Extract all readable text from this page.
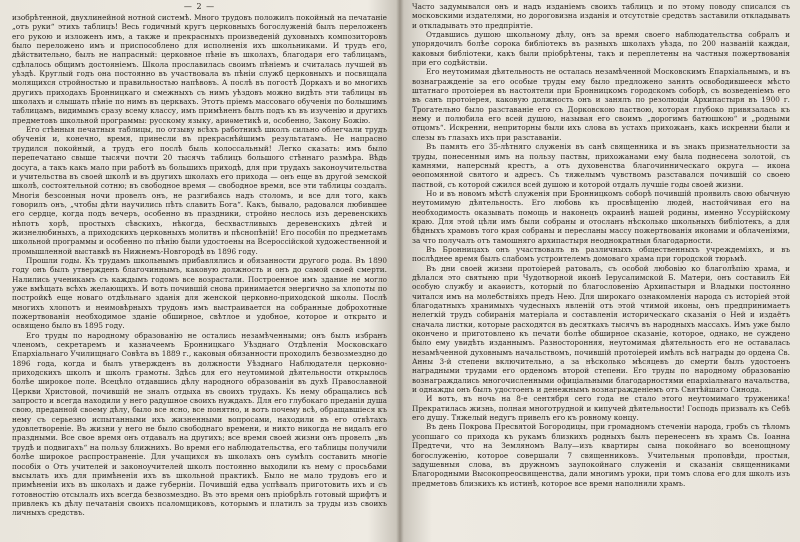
— 2 —

изобрѣтенной, двухлинейной нотной системѣ. Много трудовъ положилъ покойный на печатаніе „отъ руки“ этихъ таблицъ! Весь годичный кругъ церковныхъ богослуженій былъ переложенъ его рукою и изложенъ имъ, а также и прекрасныхъ произведеній духовныхъ композиторовъ было переложено имъ и приспособлено для исполненія ихъ школьниками. И трудъ его, дѣйствительно, былъ не напрасный: церковное пѣніе въ школахъ, благодаря его таблицамъ, сдѣлалось общимъ достояніемъ. Школа прославилась своимъ пѣніемъ и считалась лучшей въ уѣздѣ. Круглый годъ она постоянно въ участвовала въ пѣніи служб церковныхъ и посвящала молящихся стройностью и правильностью напѣвовъ. А послѣ въ погостѣ Доркахъ и во многихъ другихъ приходахъ Бронницкаго и смежныхъ съ нимъ уѣздовъ можно видѣть эти таблицы въ школахъ и слышать пѣніе по нимъ въ церквахъ. Этотъ пріемъ массоваго обученія по болышимъ таблицамъ, видимымъ сразу всему классу, имъ примѣненъ былъ подъ къ въ изученію и другихъ предметовъ школьной программы: русскому языку, ариѳметикѣ и, особенно, Закону Божію.

Его стѣнныя печатныя таблицы, по отзыву всѣхъ работникѣ школъ сильно облегчали трудъ обученія и, конечно, время, принесли въ прекраснѣйшимъ результатамъ. Не напрасно трудился покойный, а трудъ его послѣ быль колоссальный! Легко сказать: имъ было перепечатано свыше тысячи почти 20 тысячъ таблицъ большого стѣннаго размѣра. Вѣдь досуга, а такъ какъ мало при работѣ въ большихъ приходѣ, для при трудахъ законоучительства и учительства въ своей школѣ и въ другихъ школахъ его прихода — онъ еще въ другой земской школѣ, состоятельной сотню; въ свободное время — свободное время, все эти таблицы создалъ. Многія безсонныя ночи провелъ онъ, не разгибаясь надъ столомъ, и все для того, какъ говорилъ онъ, „чтобы дѣти научились пѣть славить Бога“. Какъ, бывало, радовался любившее его сердце, когда подъ вечеръ, особенно въ праздники, стройно неслось изъ деревенскихъ нѣпотъ хорѣ, простыхъ сѣвскихъ, нѣкогда, бесхвастливыхъ деревенскихъ дѣтей и жизнелюбиныхъ, а приходскихъ церковныхъ молитвъ и пѣснопѣній! Его пособія по предметамъ школьной программы и особенно по пѣнію были удостоены на Всероссійской художественной и промышленной выставкѣ въ Нижнемъ-Новгородѣ въ 1896 году.

Прошли годы. Къ трудамъ школьнымъ прибавлялись и обязанности другого рода. Въ 1890 году онъ былъ утвержденъ благочиннымъ, каковую должность и онъ до самой своей смерти. Налились ученикамъ съ каждымъ годомъ все возрастали. Построенное имъ здание не могло уже вмѣщать всѣхъ желающихъ. И вотъ почившій снова принимается энергично за хлопоты по постройкѣ еще новаго отдѣльнаго зданія для женской церковно-приходской школы. Послѣ многихъ хлопотъ и неимовѣрныхъ трудовъ имъ выстраивается на собранные доброхотные пожертвованія необходимое зданіе обширное, свѣтлое и удобное, которое и открыто и освящено было въ 1895 году.

Его труды по народному образованію не остались незамѣченными; онъ былъ избранъ членомъ, секретаремъ и казначеемъ Бронницкаго Уѣзднаго Отдѣленія Московскаго Епархіальнаго Училищнаго Совѣта въ 1889 г., каковыя обязанности проходилъ безвозмездно до 1896 года, когда и былъ утвержденъ въ должности Уѣзднаго Наблюдателя церковно-приходскихъ школъ и школъ грамоты. Здѣсь для его неутомимой дѣятельности открылось болѣе широкое поле. Всецѣло отдавшись дѣлу народного образованія въ духѣ Православной Церкви Христовой, почившій не зналъ отдыха въ своихъ трудахъ. Къ нему обращались всѣ запросто и всегда находили у него радушное своихъ нуждахъ. Для его глубокаго преданія душа свою, преданной своему дѣлу, было все ясно, все понятно, и вотъ почему всѣ, обращавшіеся къ нему съ серьезно испытанными ихъ жизненными вопросами, находили въ его отвѣтахъ удовлетвореніе. Въ жизни у него не было свободнаго времени, и никто никогда не видалъ его праздными. Все свое время онъ отдавалъ на другихъ; все время своей жизни онъ провелъ „въ трудѣ и подвигахъ“ на пользу ближнихъ. Во время его наблюдательства, его таблицы получили болѣе широкое распространеніе. Для учащихся въ школахъ онъ сумѣлъ составить многіе пособія о Отъ учителей и законоучителей школъ постоянно выходили къ нему с просьбами высылать ихъ для примѣненія ихъ въ школьной практикѣ. Было не мало трудовъ его и примѣненіи ихъ въ школахъ и даже губерніи. Почившій едва успѣвалъ приготовить ихъ и съ готовностію отсылалъ ихъ всегда безвозмездно. Въ это время онъ пріобрѣлъ готовый шрифтъ и привлекъ къ дѣлу печатанія своихъ псаломщиковъ, которымъ и платилъ за труды изъ своихъ личныхъ средствъ.

Часто задумывался онъ и надъ изданіемъ своихъ таблицъ и по этому поводу списался съ московскими издателями, но дороговизна изданія и отсутствіе средствъ заставили откладывать и откладывать это предпріятіе.

Отдавшись душою школьному дѣлу, онъ за время своего наблюдательства собралъ и упорядочилъ болѣе сорока библіотекъ въ разныхъ школахъ уѣзда, по 200 названій каждая, каковыя библіотеки, какъ были пріобрѣтены, такъ и переплетены на частныя пожертвованія при его содѣйствіи.

Его неутомимая дѣятельность не осталась незамѣченной Московскимъ Епархіальнымъ, и въ вознагражденіе за его особые труды ему было предложено занять освободившееся мѣсто штатнаго протоіерея въ настоятели при Бронницкомъ городскомъ соборѣ, съ возведеніемъ его въ санъ протоіерея, каковую должность онъ и занялъ по резолюціи Архипастыря въ 1900 г. Трогательно было разставаніе его съ Дорковскою паствою, которая глубоко привязалась къ нему и полюбила его всей душою, называя его своимъ „дорогимъ батюшкою“ и „родными отцомъ“. Искренни, неприторны были ихъ слова въ устахъ прихожанъ, какъ искренни были и слезы въ глазахъ ихъ при разставаніи.

Въ память его 35-лѣтняго служенія въ санѣ священника и въ знакъ признательности за труды, понесенныя имъ на пользу паствы, прихожанами ему была поднесена золотой, съ камнями, наперсный крестъ, а отъ духовенства благочинническаго округа — икона ѳеопомянной святого и адресъ. Съ тяжелымъ чувствомъ разставался почившій со своею паствой, съ которой сжился всей душою и которой отдалъ лучшіе годы своей жизни.

Но и въ новомъ мѣстѣ служенія при Бронницкомъ соборѣ почившій проявилъ свою обычную неутомимую дѣятельность. Его любовь къ просвѣщенію людей, настойчивая его на необходимость оказывать помощь и наконецъ окраинѣ нашей родины, именно Уссурійскому краю. Для этой цѣли имъ были собраны и отосланъ нѣсколько школьныхъ библіотекъ, а для бѣдныхъ храмовъ того края собраны и пересланы массу пожертвованія иконами и облаченіями, за что получалъ отъ тамошняго архипастыря неоднократныя благодарности.

Въ Бронницахъ онъ участвовалъ въ различныхъ общественныхъ учреждеміяхъ, и въ послѣднее время былъ слабомъ устроителемъ домоваго храма при городской тюрьмѣ.

Въ дни своей жизни протоіерей ратовалъ, съ особой любовію ко благолѣпію храма, и дѣлался это святыню при Чудотворной иконѣ Іерусалимской Б. Матери, онъ составилъ Ей особую службу и акаѳистъ, который по благословенію Архипастыря и Владыки постоянно читался имъ на молебствіяхъ предъ Нею. Для широкаго ознакомленія народа съ исторіей этой благодатныхъ хранимыхъ чудесныхъ явленій отъ этой чтимой иконы, онъ предпринимаетъ нелегкій трудъ собиранія матеріала и составленія историческаго сказанія о Ней и издаётъ сначала листки, которые расходятся въ десяткахъ тысячъ въ народныхъ массахъ. Имъ уже было окончено и приготовлено къ печати болѣе обширное сказаніе, которое, однако, не суждено было ему увидѣть изданнымъ. Разносторонняя, неутомимая дѣятельность его не оставалась незамѣченной духовнымъ начальствомъ, почившій протоіерей имѣлъ всѣ награды до ордена Св. Анны 3-й степени включительно, а за нѣсколько мѣсяцевъ до смерти былъ удостоенъ наградными трудами его орденомъ второй степени. Его труды по народному образованію вознаграждались многочисленными офиціальными благодарностями епархіальнаго начальства, и однажды онъ былъ удостоенъ и денежнымъ вознагражденіемъ отъ Святѣйшаго Синода.

И вотъ, въ ночь на 8-е сентября сего года не стало этого неутомимаго труженика! Прекратилась жизнь, полная многотрудной и кипучей дѣятельности! Господь призвалъ къ Себѣ его душу. Тяжелый недугъ привелъ его къ ровному концу.

Въ день Покрова Пресвятой Богородицы, при громадномъ стеченіи народа, гробъ съ тѣломъ усопшаго со прихода къ рукамъ близкихъ родныхъ былъ перенесенъ въ храмъ Св. Іоанна Предтечи, что на Земляномъ Валу—изъ квартиры сына покойнаго во всенощному богослуженію, которое совершали 7 священниковъ. Учительныя проповѣди, простыя, задушевныя слова, въ дружномъ заупокойнаго служенія и сказанія священниками Благородными Высокопреосвященства, дали многимъ уроки, при томъ слова его для школъ изъ предметовъ близкихъ къ истинѣ, которое все время наполняли храмъ.
